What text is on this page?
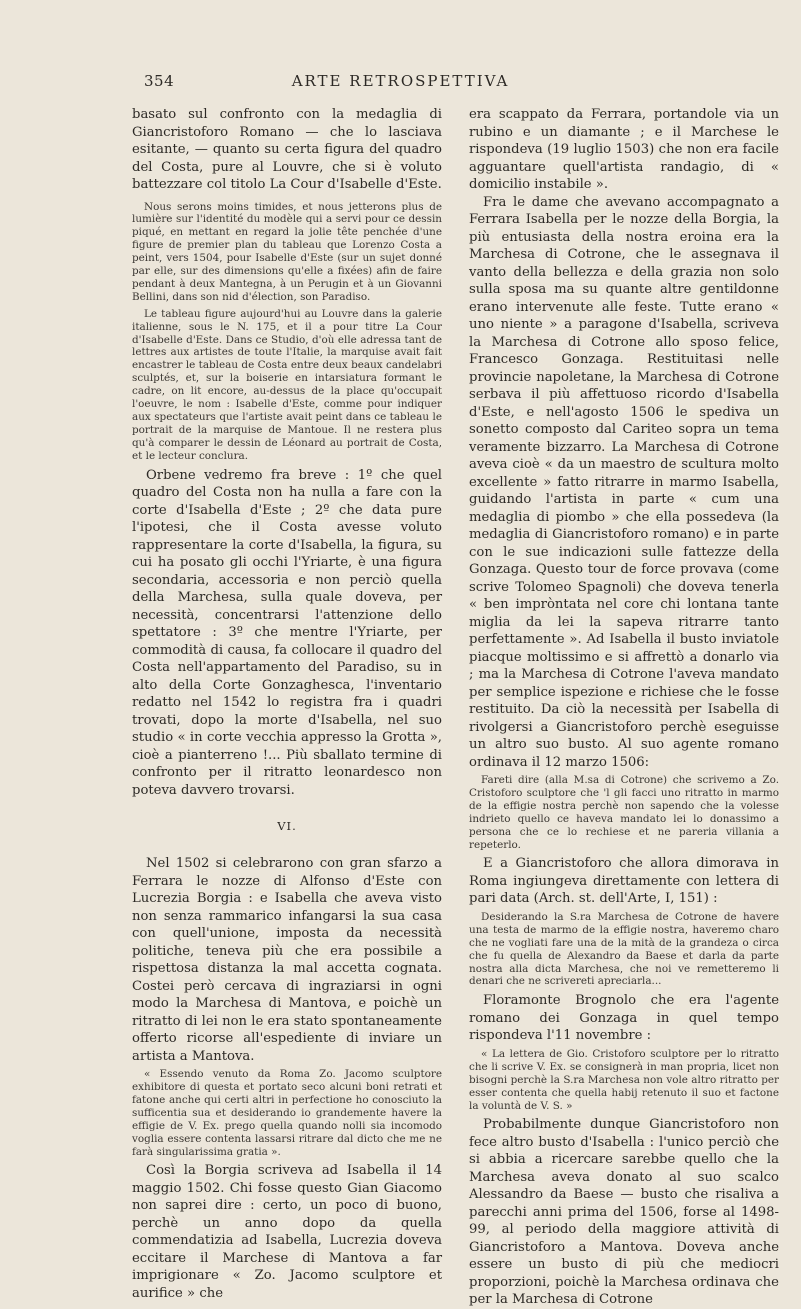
354	ARTE RETROSPETTIVA

basato sul confronto con la medaglia di Giancristoforo Romano — che lo lasciava esitante, — quanto su certa figura del quadro del Costa, pure al Louvre, che si è voluto battezzare col titolo La Cour d'Isabelle d'Este.

Nous serons moins timides, et nous jetterons plus de lumière sur l'identité du modèle qui a servi pour ce dessin piqué, en mettant en regard la jolie tête penchée d'une figure de premier plan du tableau que Lorenzo Costa a peint, vers 1504, pour Isabelle d'Este (sur un sujet donné par elle, sur des dimensions qu'elle a fixées) afin de faire pendant à deux Mantegna, à un Perugin et à un Giovanni Bellini, dans son nid d'élection, son Paradiso.

Le tableau figure aujourd'hui au Louvre dans la galerie italienne, sous le N. 175, et il a pour titre La Cour d'Isabelle d'Este. Dans ce Studio, d'où elle adressa tant de lettres aux artistes de toute l'Italie, la marquise avait fait encastrer le tableau de Costa entre deux beaux candelabri sculptés, et, sur la boiserie en intarsiatura formant le cadre, on lit encore, au-dessus de la place qu'occupait l'oeuvre, le nom : Isabelle d'Este, comme pour indiquer aux spectateurs que l'artiste avait peint dans ce tableau le portrait de la marquise de Mantoue. Il ne restera plus qu'à comparer le dessin de Léonard au portrait de Costa, et le lecteur conclura.

Orbene vedremo fra breve : 1º che quel quadro del Costa non ha nulla a fare con la corte d'Isabella d'Este ; 2º che data pure l'ipotesi, che il Costa avesse voluto rappresentare la corte d'Isabella, la figura, su cui ha posato gli occhi l'Yriarte, è una figura secondaria, accessoria e non perciò quella della Marchesa, sulla quale doveva, per necessità, concentrarsi l'attenzione dello spettatore : 3º che mentre l'Yriarte, per commodità di causa, fa collocare il quadro del Costa nell'appartamento del Paradiso, su in alto della Corte Gonzaghesca, l'inventario redatto nel 1542 lo registra fra i quadri trovati, dopo la morte d'Isabella, nel suo studio « in corte vecchia appresso la Grotta », cioè a pianterreno !... Più sballato termine di confronto per il ritratto leonardesco non poteva davvero trovarsi.

VI.

Nel 1502 si celebrarono con gran sfarzo a Ferrara le nozze di Alfonso d'Este con Lucrezia Borgia : e Isabella che aveva visto non senza rammarico infangarsi la sua casa con quell'unione, imposta da necessità politiche, teneva più che era possibile a rispettosa distanza la mal accetta cognata. Costei però cercava di ingraziarsi in ogni modo la Marchesa di Mantova, e poichè un ritratto di lei non le era stato spontaneamente offerto ricorse all'espediente di inviare un artista a Mantova.

« Essendo venuto da Roma Zo. Jacomo sculptore exhibitore di questa et portato seco alcuni boni retrati et fatone anche qui certi altri in perfectione ho conosciuto la sufficentia sua et desiderando io grandemente havere la effigie de V. Ex. prego quella quando nolli sia incomodo voglia essere contenta lassarsi ritrare dal dicto che me ne farà singularissima gratia ».

Così la Borgia scriveva ad Isabella il 14 maggio 1502. Chi fosse questo Gian Giacomo non saprei dire : certo, un poco di buono, perchè un anno dopo da quella commendatizia ad Isabella, Lucrezia doveva eccitare il Marchese di Mantova a far imprigionare « Zo. Jacomo sculptore et aurifice » che

era scappato da Ferrara, portandole via un rubino e un diamante ; e il Marchese le rispondeva (19 luglio 1503) che non era facile agguantare quell'artista randagio, di « domicilio instabile ».

Fra le dame che avevano accompagnato a Ferrara Isabella per le nozze della Borgia, la più entusiasta della nostra eroina era la Marchesa di Cotrone, che le assegnava il vanto della bellezza e della grazia non solo sulla sposa ma su quante altre gentildonne erano intervenute alle feste. Tutte erano « uno niente » a paragone d'Isabella, scriveva la Marchesa di Cotrone allo sposo felice, Francesco Gonzaga. Restituitasi nelle provincie napoletane, la Marchesa di Cotrone serbava il più affettuoso ricordo d'Isabella d'Este, e nell'agosto 1506 le spediva un sonetto composto dal Cariteo sopra un tema veramente bizzarro. La Marchesa di Cotrone aveva cioè « da un maestro de scultura molto excellente » fatto ritrarre in marmo Isabella, guidando l'artista in parte « cum una medaglia di piombo » che ella possedeva (la medaglia di Giancristoforo romano) e in parte con le sue indicazioni sulle fattezze della Gonzaga. Questo tour de force provava (come scrive Tolomeo Spagnoli) che doveva tenerla « ben impròntata nel core chi lontana tante miglia da lei la sapeva ritrarre tanto perfettamente ». Ad Isabella il busto inviatole piacque moltissimo e si affrettò a donarlo via ; ma la Marchesa di Cotrone l'aveva mandato per semplice ispezione e richiese che le fosse restituito. Da ciò la necessità per Isabella di rivolgersi a Giancristoforo perchè eseguisse un altro suo busto. Al suo agente romano ordinava il 12 marzo 1506:

Fareti dire (alla M.sa di Cotrone) che scrivemo a Zo. Cristoforo sculptore che 'l gli facci uno ritratto in marmo de la effigie nostra perchè non sapendo che la volesse indrieto quello ce haveva mandato lei lo donassimo a persona che ce lo rechiese et ne pareria villania a repeterlo.

E a Giancristoforo che allora dimorava in Roma ingiungeva direttamente con lettera di pari data (Arch. st. dell'Arte, I, 151) :

Desiderando la S.ra Marchesa de Cotrone de havere una testa de marmo de la effigie nostra, haveremo charo che ne vogliati fare una de la mità de la grandeza o circa che fu quella de Alexandro da Baese et darla da parte nostra alla dicta Marchesa, che noi ve remetteremo li denari che ne scrivereti apreciarla...

Floramonte Brognolo che era l'agente romano dei Gonzaga in quel tempo rispondeva l'11 novembre :

« La lettera de Gio. Cristoforo sculptore per lo ritratto che li scrive V. Ex. se consignerà in man propria, licet non bisogni perchè la S.ra Marchesa non vole altro ritratto per esser contenta che quella habij retenuto il suo et factone la voluntà de V. S. »

Probabilmente dunque Giancristoforo non fece altro busto d'Isabella : l'unico perciò che si abbia a ricercare sarebbe quello che la Marchesa aveva donato al suo scalco Alessandro da Baese — busto che risaliva a parecchi anni prima del 1506, forse al 1498-99, al periodo della maggiore attività di Giancristoforo a Mantova. Doveva anche essere un busto di più che mediocri proporzioni, poichè la Marchesa ordinava che per la Marchesa di Cotrone
